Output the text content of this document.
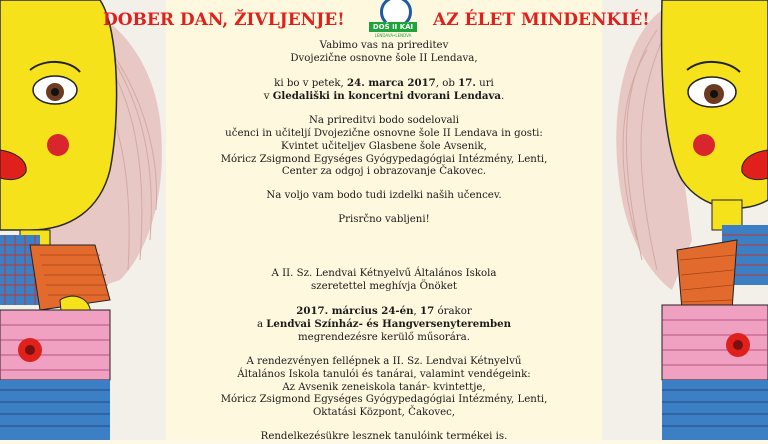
DOBER DAN, ŽIVLJENJE!	DOŠ II KÁI
LENDAVA•LENDVA
AZ ÉLET MINDENKIÉ!

Vabimo vas na prireditev

Dvojezične osnovne šole II Lendava,

ki bo v petek, 24. marca 2017, ob 17. uri

v Gledališki in koncertni dvorani Lendava.

Na prireditvi bodo sodelovali

učenci in učiteljí Dvojezične osnovne šole II Lendava in gosti:

Kvintet učiteljev Glasbene šole Avsenik,

Móricz Zsigmond Egységes Gyógypedagógiai Intézmény, Lenti,

Center za odgoj i obrazovanje Čakovec.

Na voljo vam bodo tudi izdelki naših učencev.

Prisrčno vabljeni!

A II. Sz. Lendvai Kétnyelvű Általános Iskola

szeretettel meghívja Önöket

2017. március 24-én, 17 órakor

a Lendvai Színház- és Hangversenyteremben

megrendezésre kerülő műsorára.

A rendezvényen fellépnek a II. Sz. Lendvai Kétnyelvű

Általános Iskola tanulói és tanárai, valamint vendégeink:

Az Avsenik zeneiskola tanár- kvintettje,

Móricz Zsigmond Egységes Gyógypedagógiai Intézmény, Lenti,

Oktatási Központ, Čakovec,

Rendelkezésükre lesznek tanulóink termékei is.
